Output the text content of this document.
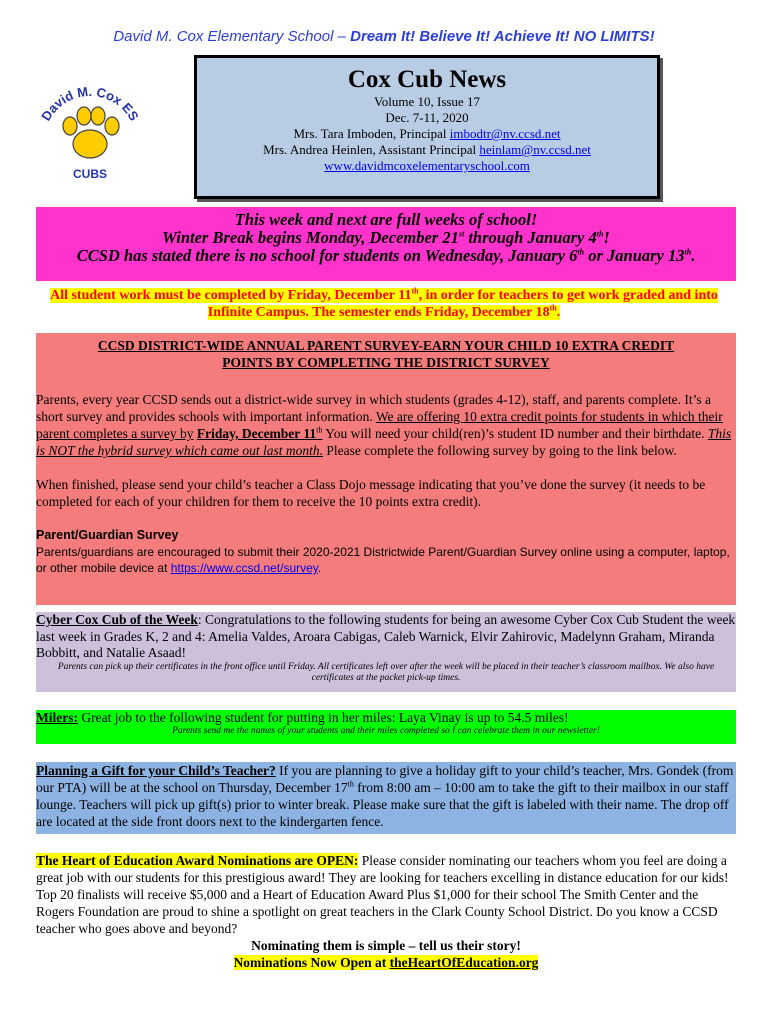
David M. Cox Elementary School – Dream It! Believe It! Achieve It! NO LIMITS!
David M. Cox ES
CUBS
Cox Cub News
Volume 10, Issue 17
Dec. 7-11, 2020
Mrs. Tara Imboden, Principal imbodtr@nv.ccsd.net
Mrs. Andrea Heinlen, Assistant Principal heinlam@nv.ccsd.net
www.davidmcoxelementaryschool.com
This week and next are full weeks of school!
Winter Break begins Monday, December 21st through January 4th!
CCSD has stated there is no school for students on Wednesday, January 6th or January 13th.
All student work must be completed by Friday, December 11th, in order for teachers to get work graded and into
Infinite Campus. The semester ends Friday, December 18th.
CCSD DISTRICT-WIDE ANNUAL PARENT SURVEY-EARN YOUR CHILD 10 EXTRA CREDIT
POINTS BY COMPLETING THE DISTRICT SURVEY

Parents, every year CCSD sends out a district-wide survey in which students (grades 4-12), staff, and parents complete. It’s a short survey and provides schools with important information. We are offering 10 extra credit points for students in which their parent completes a survey by Friday, December 11th You will need your child(ren)’s student ID number and their birthdate. This is NOT the hybrid survey which came out last month. Please complete the following survey by going to the link below.

When finished, please send your child’s teacher a Class Dojo message indicating that you’ve done the survey (it needs to be completed for each of your children for them to receive the 10 points extra credit).

Parent/Guardian Survey
Parents/guardians are encouraged to submit their 2020-2021 Districtwide Parent/Guardian Survey online using a computer, laptop, or other mobile device at https://www.ccsd.net/survey.
Cyber Cox Cub of the Week: Congratulations to the following students for being an awesome Cyber Cox Cub Student the week last week in Grades K, 2 and 4: Amelia Valdes, Aroara Cabigas, Caleb Warnick, Elvir Zahirovic, Madelynn Graham, Miranda Bobbitt, and Natalie Asaad!
Parents can pick up their certificates in the front office until Friday. All certificates left over after the week will be placed in their teacher’s classroom mailbox. We also have certificates at the packet pick-up times.
Milers: Great job to the following student for putting in her miles: Laya Vinay is up to 54.5 miles!
Parents send me the names of your students and their miles completed so I can celebrate them in our newsletter!
Planning a Gift for your Child’s Teacher? If you are planning to give a holiday gift to your child’s teacher, Mrs. Gondek (from our PTA) will be at the school on Thursday, December 17th from 8:00 am – 10:00 am to take the gift to their mailbox in our staff lounge. Teachers will pick up gift(s) prior to winter break. Please make sure that the gift is labeled with their name. The drop off are located at the side front doors next to the kindergarten fence.
The Heart of Education Award Nominations are OPEN: Please consider nominating our teachers whom you feel are doing a great job with our students for this prestigious award! They are looking for teachers excelling in distance education for our kids! Top 20 finalists will receive $5,000 and a Heart of Education Award Plus $1,000 for their school The Smith Center and the Rogers Foundation are proud to shine a spotlight on great teachers in the Clark County School District. Do you know a CCSD teacher who goes above and beyond?
Nominating them is simple – tell us their story!
Nominations Now Open at theHeartOfEducation.org
